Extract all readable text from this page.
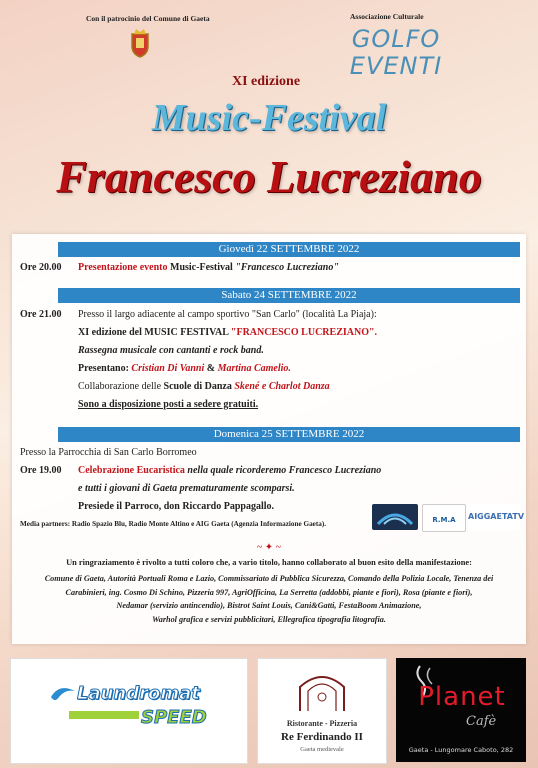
Con il patrocinio del Comune di Gaeta	Associazione Culturale
GOLFO
EVENTI
XI edizione
Music-Festival
Francesco Lucreziano
Giovedì 22 SETTEMBRE 2022
Ore 20.00 Presentazione evento Music-Festival "Francesco Lucreziano"
Sabato 24 SETTEMBRE 2022
Ore 21.00 Presso il largo adiacente al campo sportivo "San Carlo" (località La Piaja):
XI edizione del MUSIC FESTIVAL "FRANCESCO LUCREZIANO".
Rassegna musicale con cantanti e rock band.
Presentano: Cristian Di Vanni & Martina Camelio.
Collaborazione delle Scuole di Danza Skené e Charlot Danza
Sono a disposizione posti a sedere gratuiti.
Domenica 25 SETTEMBRE 2022
Presso la Parrocchia di San Carlo Borromeo
Ore 19.00 Celebrazione Eucaristica nella quale ricorderemo Francesco Lucreziano
e tutti i giovani di Gaeta prematuramente scomparsi.
Presiede il Parroco, don Riccardo Pappagallo.
Media partners: Radio Spazio Blu, Radio Monte Altino e AIG Gaeta (Agenzia Informazione Gaeta).	R.M.A	AIGGAETATV
~ ✦ ~
Un ringraziamento è rivolto a tutti coloro che, a vario titolo, hanno collaborato al buon esito della manifestazione:
Comune di Gaeta, Autorità Portuali Roma e Lazio, Commissariato di Pubblica Sicurezza, Comando della Polizia Locale, Tenenza dei
Carabinieri, ing. Cosmo Di Schino, Pizzeria 997, AgriOfficina, La Serretta (addobbi, piante e fiori), Rosa (piante e fiori),
Nedamar (servizio antincendio), Bistrot Saint Louis, Cani&Gatti, FestaBoom Animazione,
Warhol grafica e servizi pubblicitari, Ellegrafica tipografia litografia.
Laundromat
SPEED	Ristorante - Pizzeria
Re Ferdinando II
Gaeta medievale
Planet
Cafè
Gaeta - Lungomare Caboto, 282
